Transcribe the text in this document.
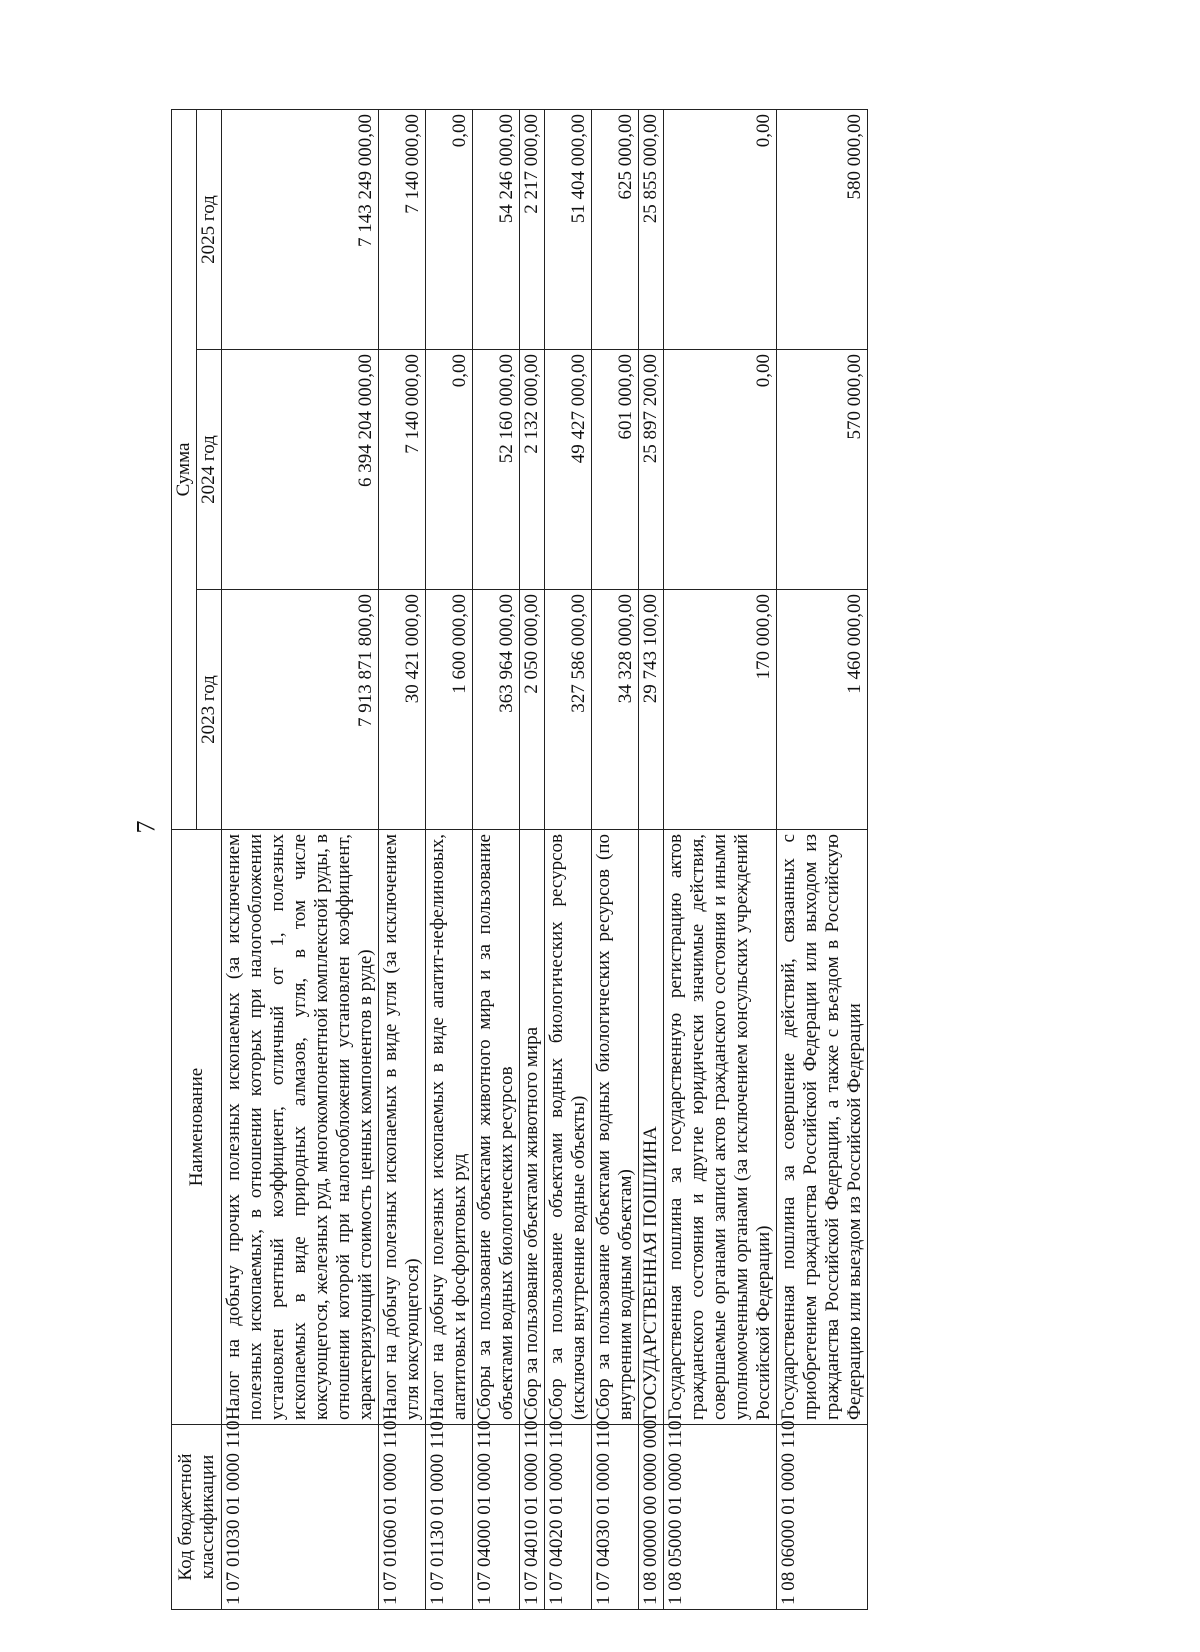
7
Код бюджетной классификации	Наименование	Сумма		
		2023 год	2024 год	2025 год
1 07 01030 01 0000 110	Налог на добычу прочих полезных ископаемых (за исключением полезных ископаемых, в отношении которых при налогообложении установлен рентный коэффициент, отличный от 1, полезных ископаемых в виде природных алмазов, угля, в том числе коксующегося, железных руд, многокомпонентной комплексной руды, в отношении которой при налогообложении установлен коэффициент, характеризующий стоимость ценных компонентов в руде)	7 913 871 800,00	6 394 204 000,00	7 143 249 000,00
1 07 01060 01 0000 110	Налог на добычу полезных ископаемых в виде угля (за исключением угля коксующегося)	30 421 000,00	7 140 000,00	7 140 000,00
1 07 01130 01 0000 110	Налог на добычу полезных ископаемых в виде апатит-нефелиновых, апатитовых и фосфоритовых руд	1 600 000,00	0,00	0,00
1 07 04000 01 0000 110	Сборы за пользование объектами животного мира и за пользование объектами водных биологических ресурсов	363 964 000,00	52 160 000,00	54 246 000,00
1 07 04010 01 0000 110	Сбор за пользование объектами животного мира	2 050 000,00	2 132 000,00	2 217 000,00
1 07 04020 01 0000 110	Сбор за пользование объектами водных биологических ресурсов (исключая внутренние водные объекты)	327 586 000,00	49 427 000,00	51 404 000,00
1 07 04030 01 0000 110	Сбор за пользование объектами водных биологических ресурсов (по внутренним водным объектам)	34 328 000,00	601 000,00	625 000,00
1 08 00000 00 0000 000	ГОСУДАРСТВЕННАЯ ПОШЛИНА	29 743 100,00	25 897 200,00	25 855 000,00
1 08 05000 01 0000 110	Государственная пошлина за государственную регистрацию актов гражданского состояния и другие юридически значимые действия, совершаемые органами записи актов гражданского состояния и иными уполномоченными органами (за исключением консульских учреждений Российской Федерации)	170 000,00	0,00	0,00
1 08 06000 01 0000 110	Государственная пошлина за совершение действий, связанных с приобретением гражданства Российской Федерации или выходом из гражданства Российской Федерации, а также с въездом в Российскую Федерацию или выездом из Российской Федерации	1 460 000,00	570 000,00	580 000,00
